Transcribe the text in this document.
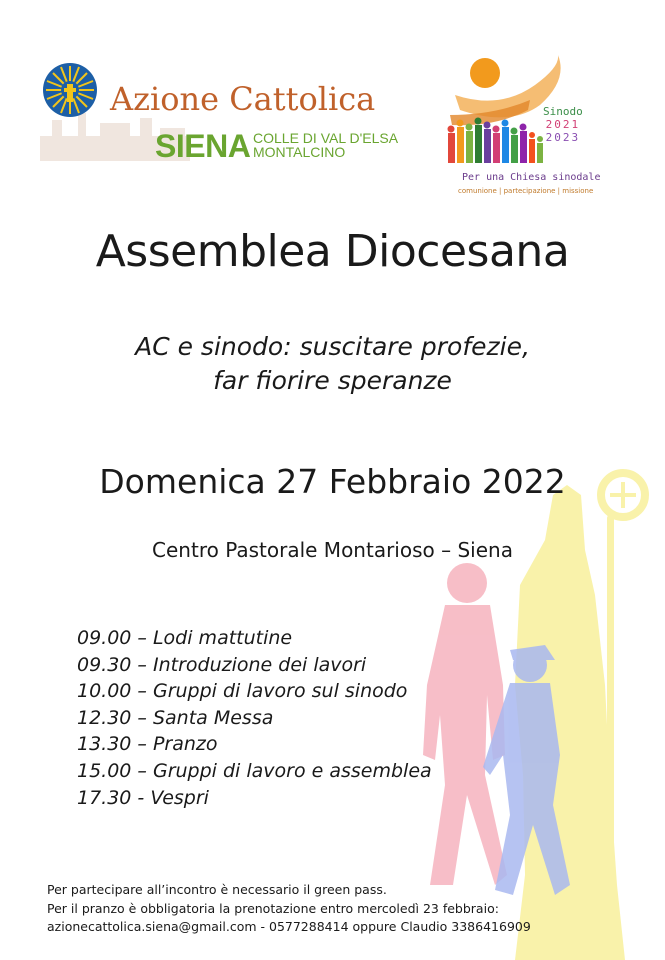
Azione Cattolica
SIENA COLLE DI VAL D'ELSA
MONTALCINO
Sinodo
2021
2023
Per una Chiesa sinodale
comunione | partecipazione | missione
Assemblea Diocesana
AC e sinodo: suscitare profezie,
far fiorire speranze
Domenica 27 Febbraio 2022
Centro Pastorale Montarioso – Siena
09.00 – Lodi mattutine
09.30 – Introduzione dei lavori
10.00 – Gruppi di lavoro sul sinodo
12.30 – Santa Messa
13.30 – Pranzo
15.00 – Gruppi di lavoro e assemblea
17.30 - Vespri
Per partecipare all’incontro è necessario il green pass.
Per il pranzo è obbligatoria la prenotazione entro mercoledì 23 febbraio:
azionecattolica.siena@gmail.com - 0577288414 oppure Claudio 3386416909
